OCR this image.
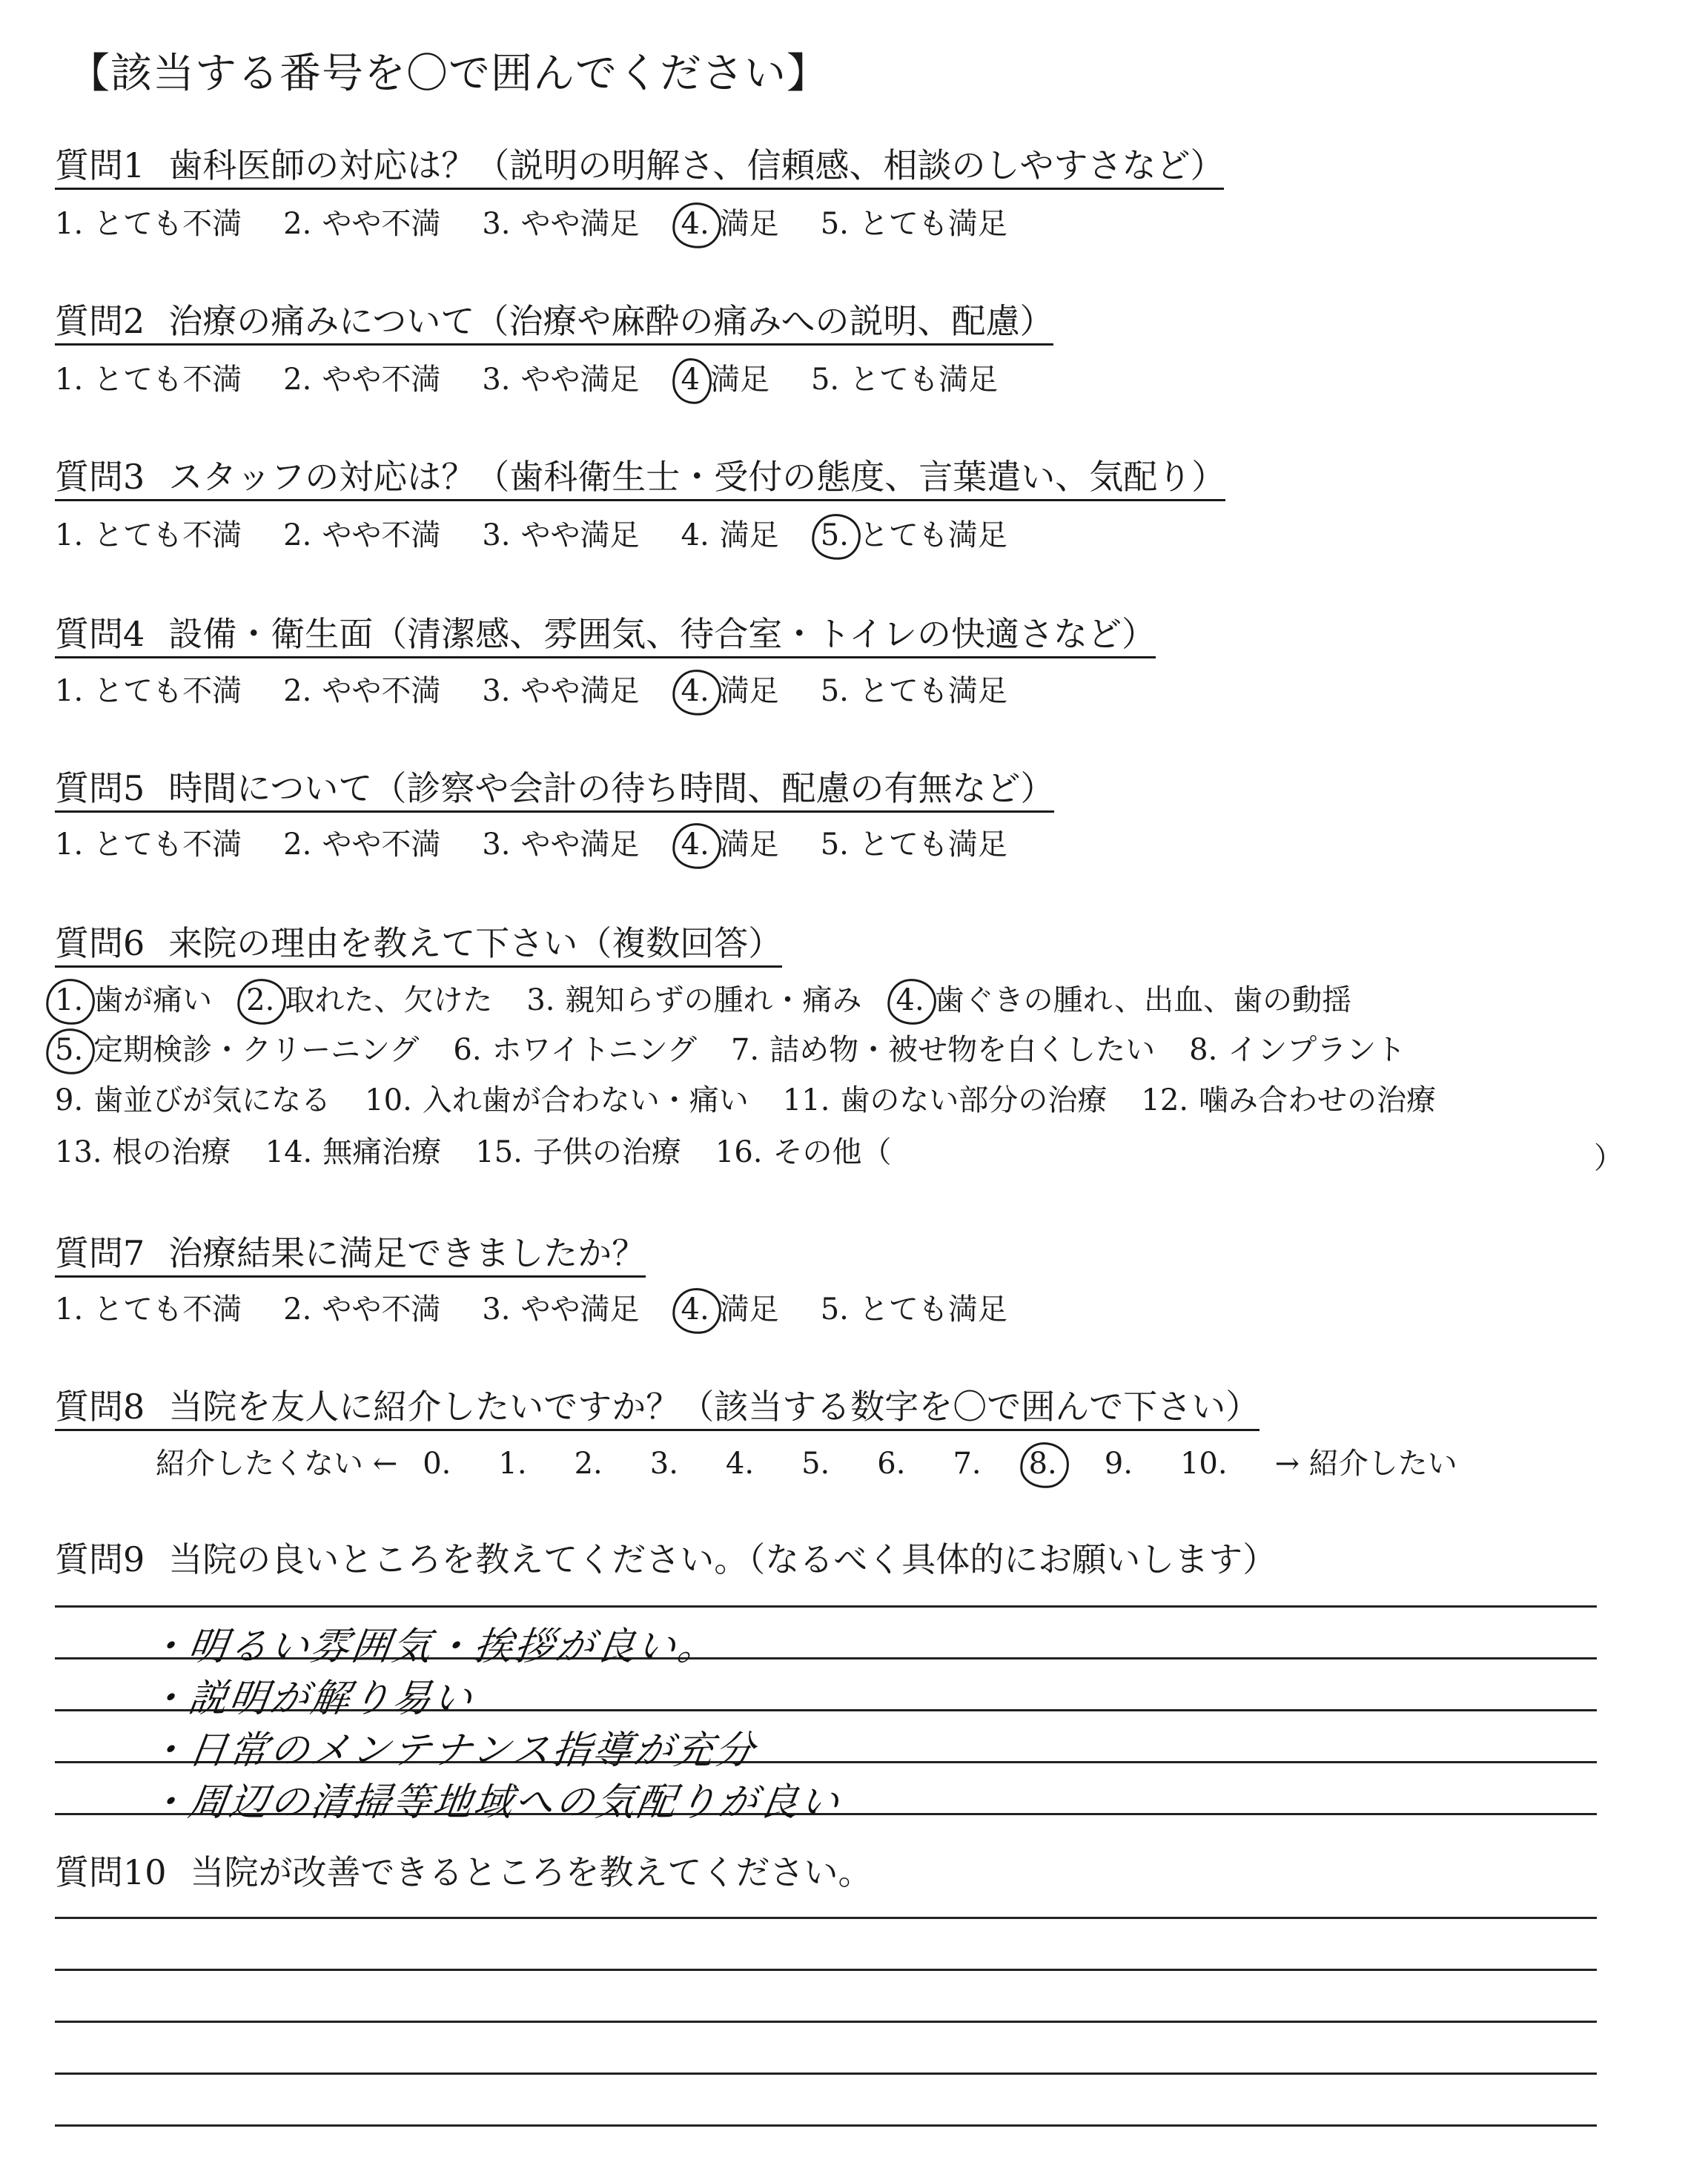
【該当する番号を〇で囲んでください】
質問1 歯科医師の対応は？（説明の明解さ、信頼感、相談のしやすさなど）
1. とても不満 2. やや不満 3. やや満足 4. 満足 5. とても満足
質問2 治療の痛みについて（治療や麻酔の痛みへの説明、配慮）
1. とても不満 2. やや不満 3. やや満足 4 満足 5. とても満足
質問3 スタッフの対応は？（歯科衛生士・受付の態度、言葉遣い、気配り）
1. とても不満 2. やや不満 3. やや満足 4. 満足 5. とても満足
質問4 設備・衛生面（清潔感、雰囲気、待合室・トイレの快適さなど）
1. とても不満 2. やや不満 3. やや満足 4. 満足 5. とても満足
質問5 時間について（診察や会計の待ち時間、配慮の有無など）
1. とても不満 2. やや不満 3. やや満足 4. 満足 5. とても満足
質問6 来院の理由を教えて下さい（複数回答）
1. 歯が痛い 2. 取れた、欠けた 3. 親知らずの腫れ・痛み 4. 歯ぐきの腫れ、出血、歯の動揺
5. 定期検診・クリーニング 6. ホワイトニング 7. 詰め物・被せ物を白くしたい 8. インプラント
9. 歯並びが気になる 10. 入れ歯が合わない・痛い 11. 歯のない部分の治療 12. 噛み合わせの治療
13. 根の治療 14. 無痛治療 15. 子供の治療 16. その他（	）
質問7 治療結果に満足できましたか？
1. とても不満 2. やや不満 3. やや満足 4. 満足 5. とても満足
質問8 当院を友人に紹介したいですか？（該当する数字を〇で囲んで下さい）
紹介したくない ← 0. 1. 2. 3. 4. 5. 6. 7. 8. 9. 10. → 紹介したい
質問9 当院の良いところを教えてください。（なるべく具体的にお願いします）
・明るい雰囲気・挨拶が良い。
・説明が解り易い
・日常のメンテナンス指導が充分
・周辺の清掃等地域への気配りが良い
質問10 当院が改善できるところを教えてください。
